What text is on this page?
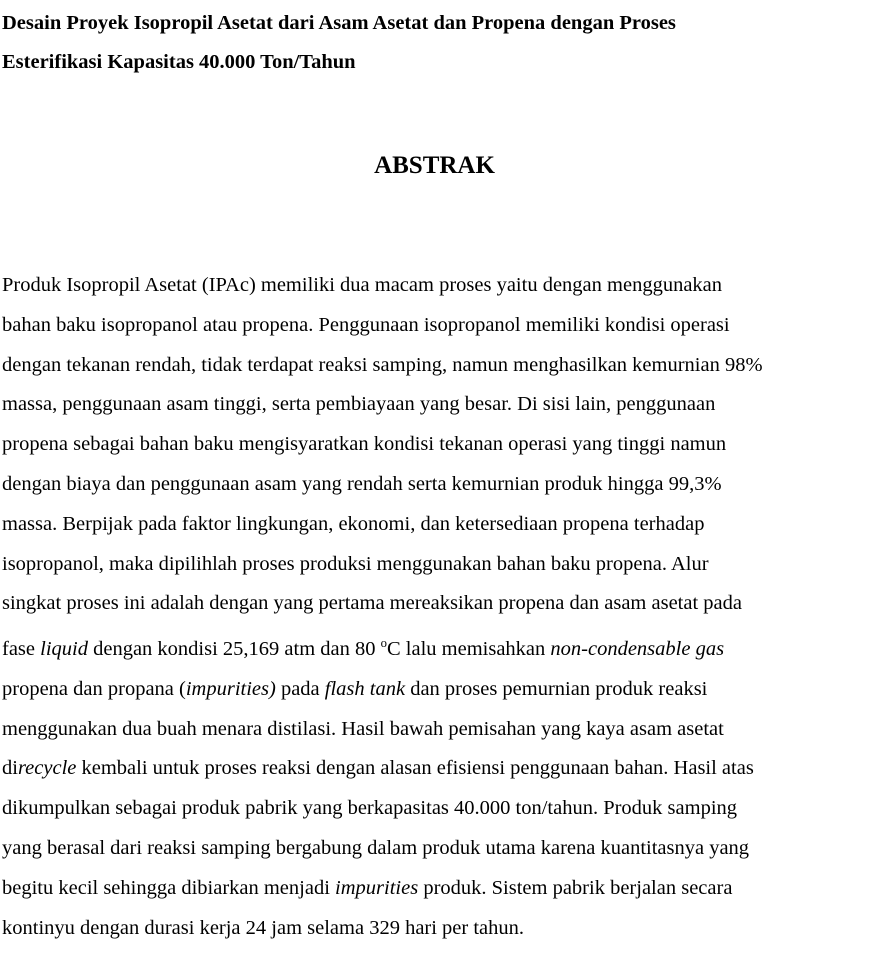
Desain Proyek Isopropil Asetat dari Asam Asetat dan Propena dengan Proses
Esterifikasi Kapasitas 40.000 Ton/Tahun
ABSTRAK
Produk Isopropil Asetat (IPAc) memiliki dua macam proses yaitu dengan menggunakan
bahan baku isopropanol atau propena. Penggunaan isopropanol memiliki kondisi operasi
dengan tekanan rendah, tidak terdapat reaksi samping, namun menghasilkan kemurnian 98%
massa, penggunaan asam tinggi, serta pembiayaan yang besar. Di sisi lain, penggunaan
propena sebagai bahan baku mengisyaratkan kondisi tekanan operasi yang tinggi namun
dengan biaya dan penggunaan asam yang rendah serta kemurnian produk hingga 99,3%
massa. Berpijak pada faktor lingkungan, ekonomi, dan ketersediaan propena terhadap
isopropanol, maka dipilihlah proses produksi menggunakan bahan baku propena. Alur
singkat proses ini adalah dengan yang pertama mereaksikan propena dan asam asetat pada
fase liquid dengan kondisi 25,169 atm dan 80 $^o$C lalu memisahkan non-condensable gas
propena dan propana (impurities) pada flash tank dan proses pemurnian produk reaksi
menggunakan dua buah menara distilasi. Hasil bawah pemisahan yang kaya asam asetat
direcycle kembali untuk proses reaksi dengan alasan efisiensi penggunaan bahan. Hasil atas
dikumpulkan sebagai produk pabrik yang berkapasitas 40.000 ton/tahun. Produk samping
yang berasal dari reaksi samping bergabung dalam produk utama karena kuantitasnya yang
begitu kecil sehingga dibiarkan menjadi impurities produk. Sistem pabrik berjalan secara
kontinyu dengan durasi kerja 24 jam selama 329 hari per tahun.
